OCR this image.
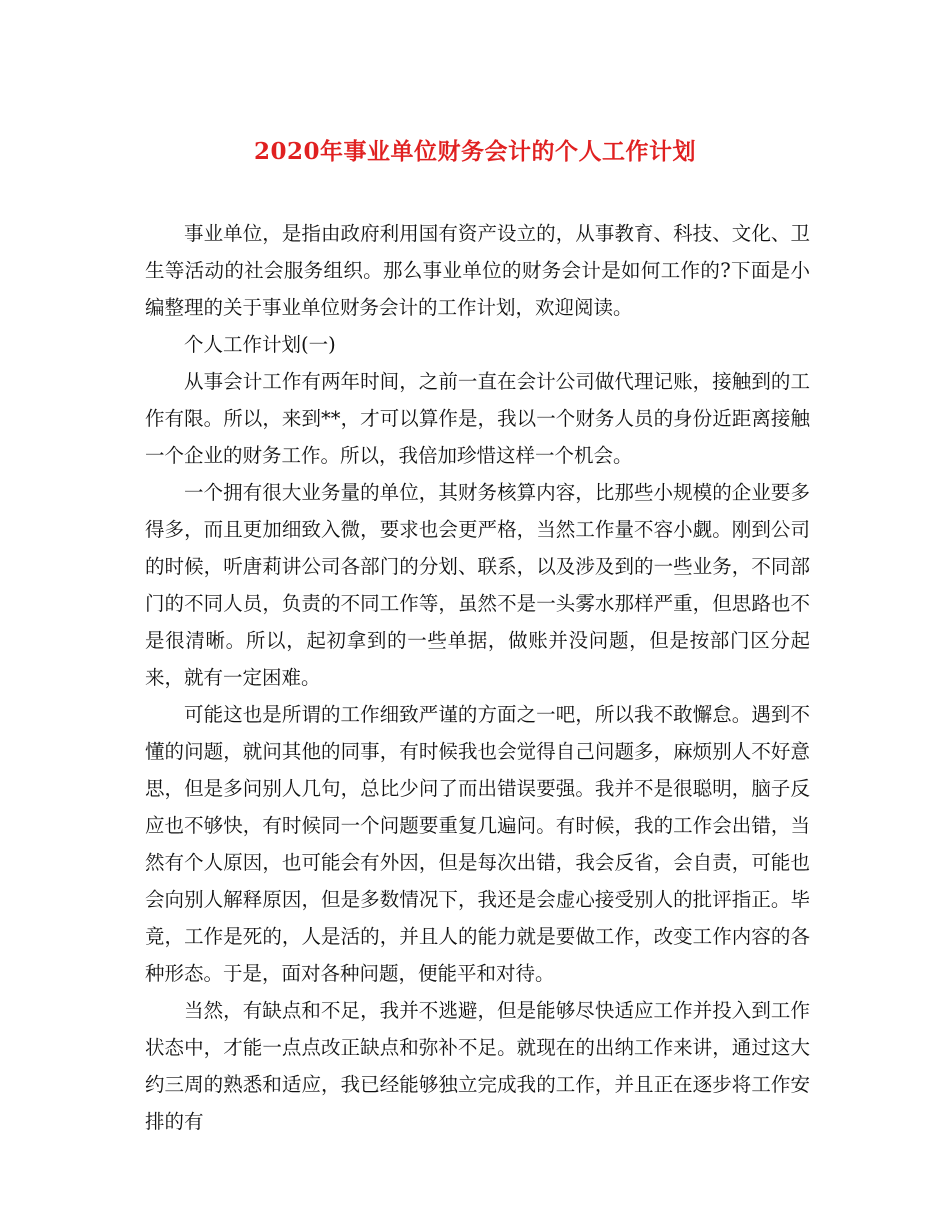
2020年事业单位财务会计的个人工作计划

事业单位，是指由政府利用国有资产设立的，从事教育、科技、文化、卫生等活动的社会服务组织。那么事业单位的财务会计是如何工作的?下面是小编整理的关于事业单位财务会计的工作计划，欢迎阅读。

个人工作计划(一)

从事会计工作有两年时间，之前一直在会计公司做代理记账，接触到的工作有限。所以，来到**，才可以算作是，我以一个财务人员的身份近距离接触一个企业的财务工作。所以，我倍加珍惜这样一个机会。

一个拥有很大业务量的单位，其财务核算内容，比那些小规模的企业要多得多，而且更加细致入微，要求也会更严格，当然工作量不容小觑。刚到公司的时候，听唐莉讲公司各部门的分划、联系，以及涉及到的一些业务，不同部门的不同人员，负责的不同工作等，虽然不是一头雾水那样严重，但思路也不是很清晰。所以，起初拿到的一些单据，做账并没问题，但是按部门区分起来，就有一定困难。

可能这也是所谓的工作细致严谨的方面之一吧，所以我不敢懈怠。遇到不懂的问题，就问其他的同事，有时候我也会觉得自己问题多，麻烦别人不好意思，但是多问别人几句，总比少问了而出错误要强。我并不是很聪明，脑子反应也不够快，有时候同一个问题要重复几遍问。有时候，我的工作会出错，当然有个人原因，也可能会有外因，但是每次出错，我会反省，会自责，可能也会向别人解释原因，但是多数情况下，我还是会虚心接受别人的批评指正。毕竟，工作是死的，人是活的，并且人的能力就是要做工作，改变工作内容的各种形态。于是，面对各种问题，便能平和对待。

当然，有缺点和不足，我并不逃避，但是能够尽快适应工作并投入到工作状态中，才能一点点改正缺点和弥补不足。就现在的出纳工作来讲，通过这大约三周的熟悉和适应，我已经能够独立完成我的工作，并且正在逐步将工作安排的有
